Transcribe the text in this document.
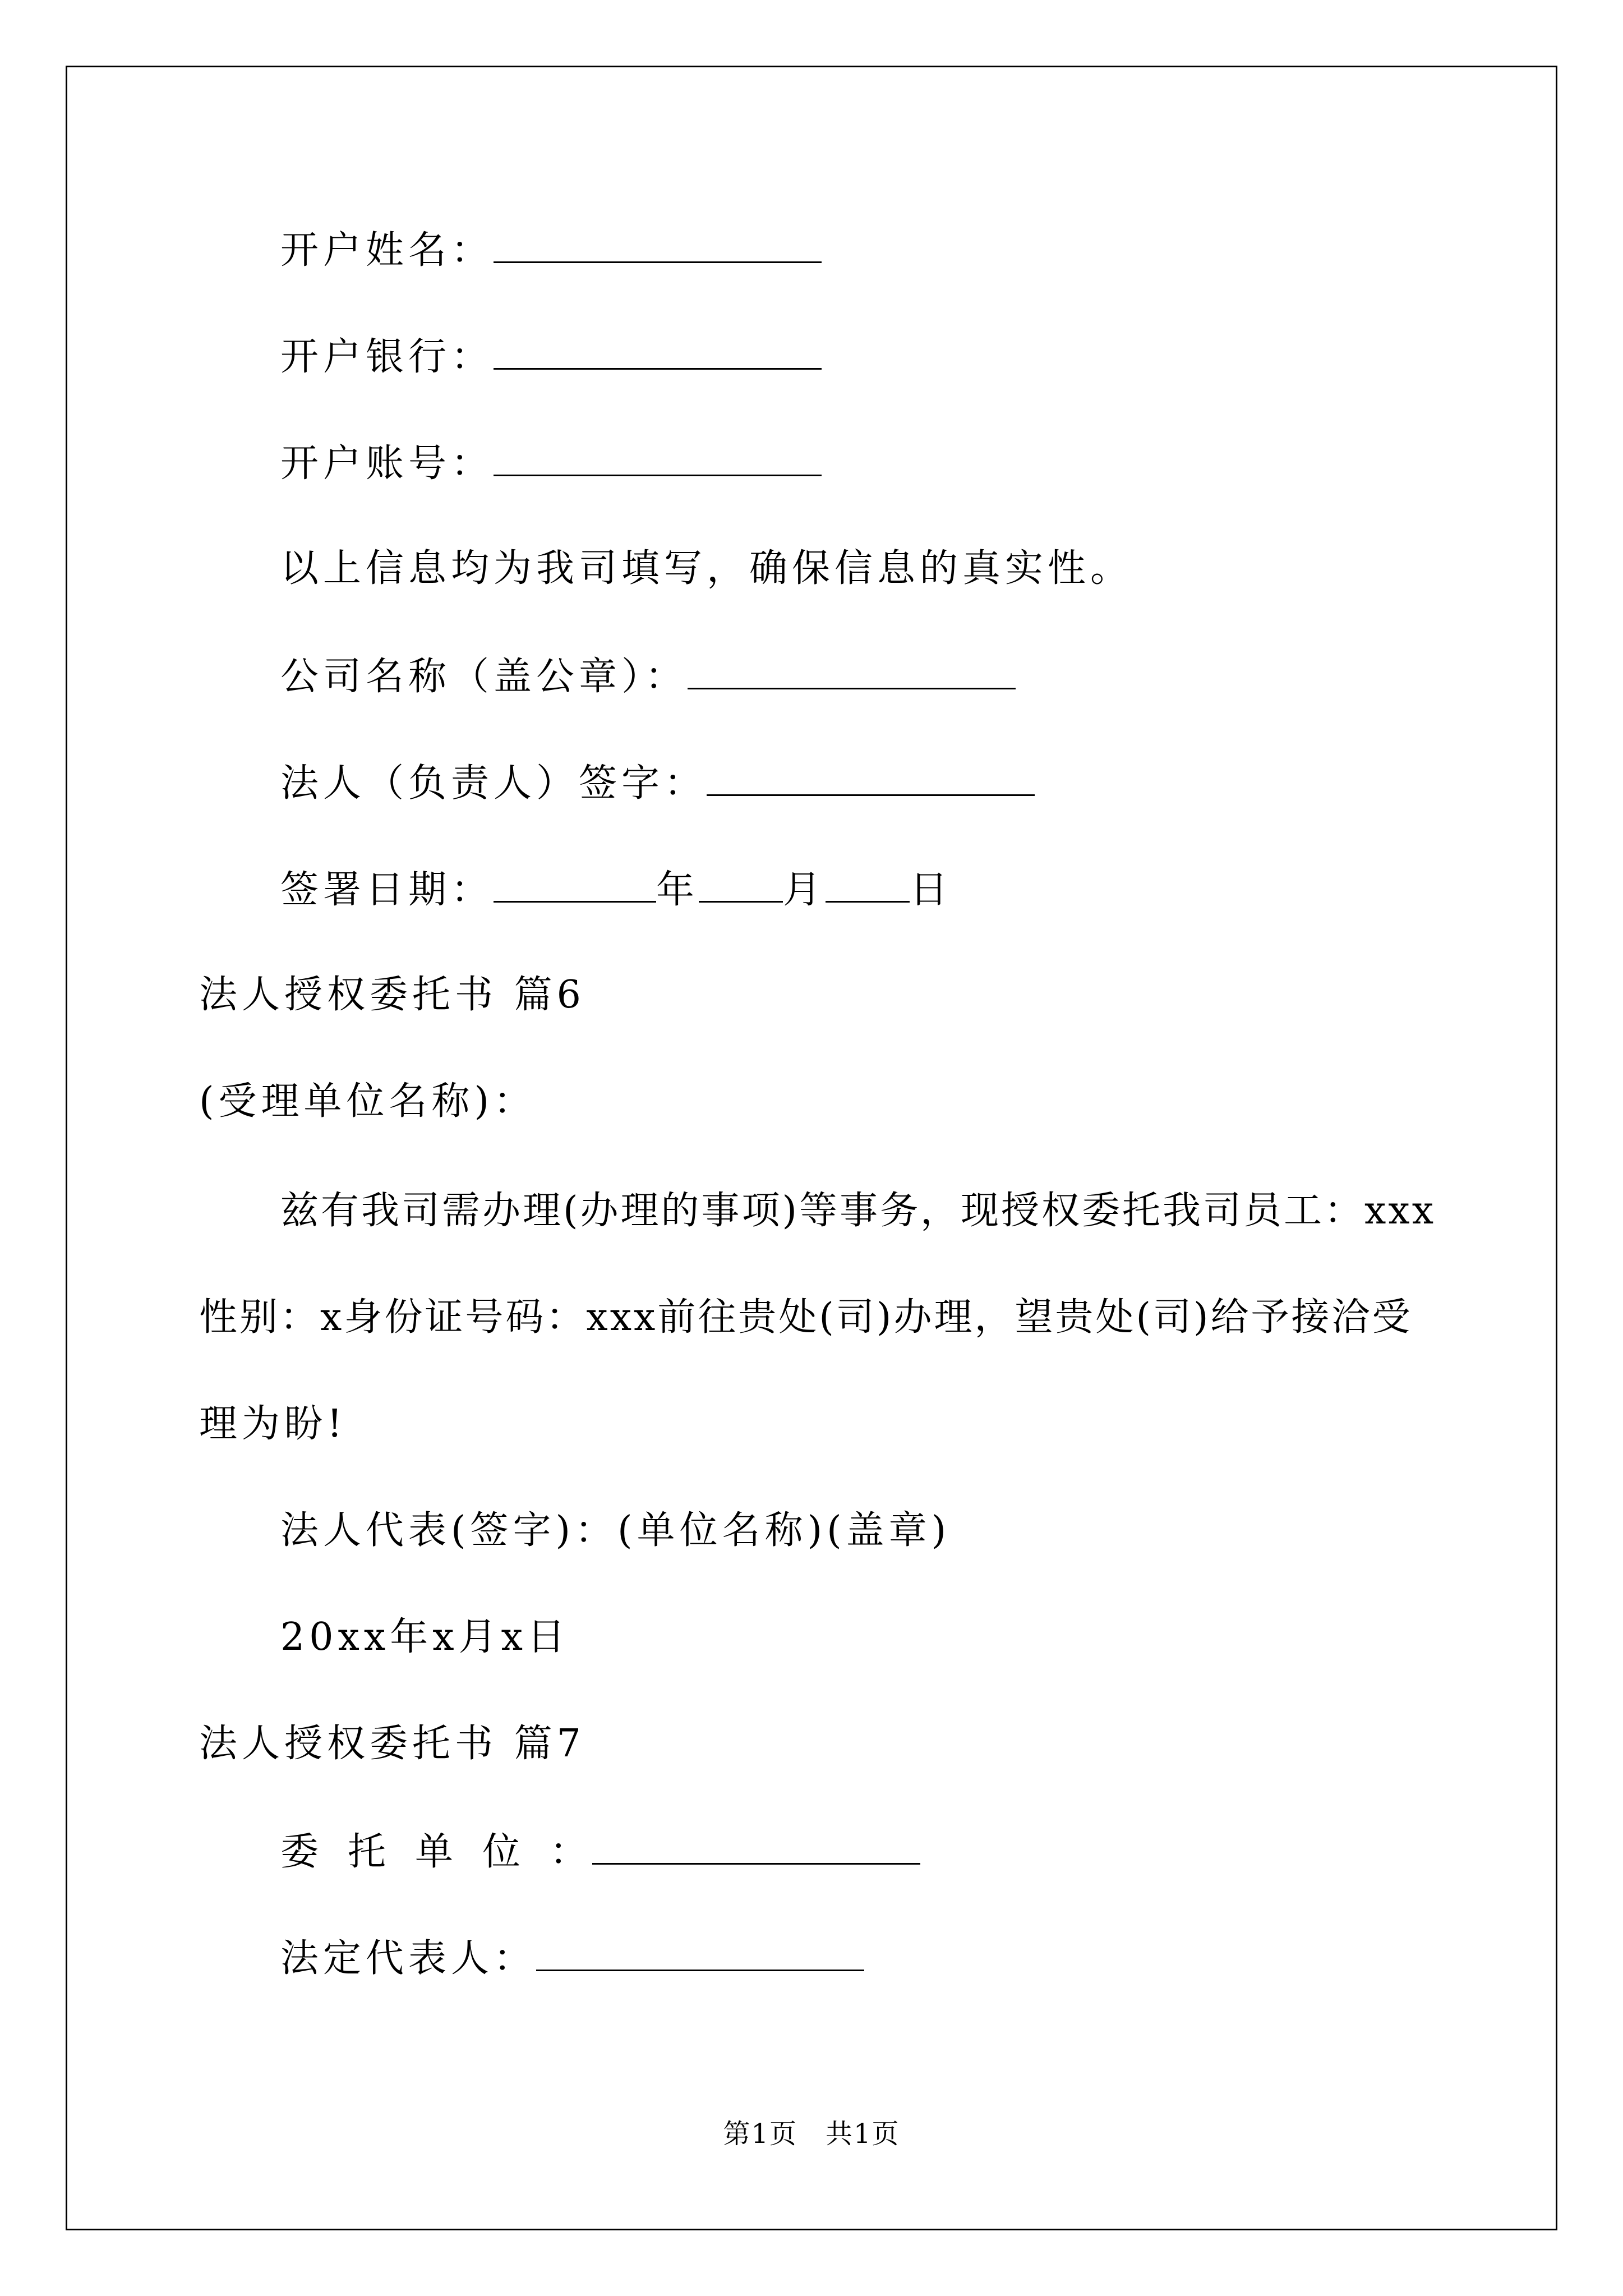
开户姓名：
开户银行：
开户账号：
以上信息均为我司填写，确保信息的真实性。
公司名称（盖公章）：
法人（负责人）签字：
签署日期：	年 月 日
法人授权委托书 篇6
(受理单位名称)：
兹有我司需办理(办理的事项)等事务，现授权委托我司员工：xxx
性别：x身份证号码：xxx前往贵处(司)办理，望贵处(司)给予接洽受
理为盼!
法人代表(签字)：(单位名称)(盖章)
20xx年x月x日
法人授权委托书 篇7
委托单位：
法定代表人：
第1页　共1页
